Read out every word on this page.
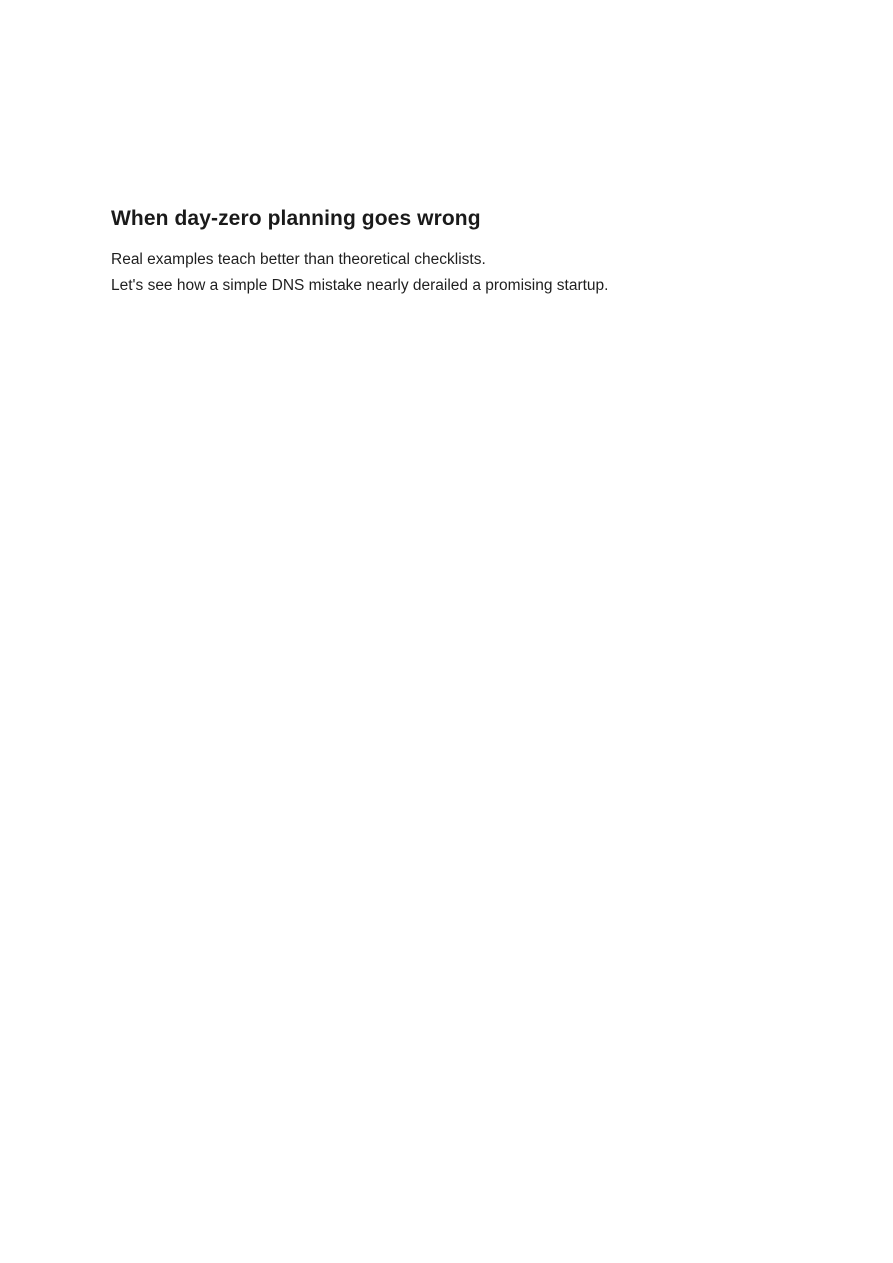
When day-zero planning goes wrong

Real examples teach better than theoretical checklists.
Let's see how a simple DNS mistake nearly derailed a promising startup.
